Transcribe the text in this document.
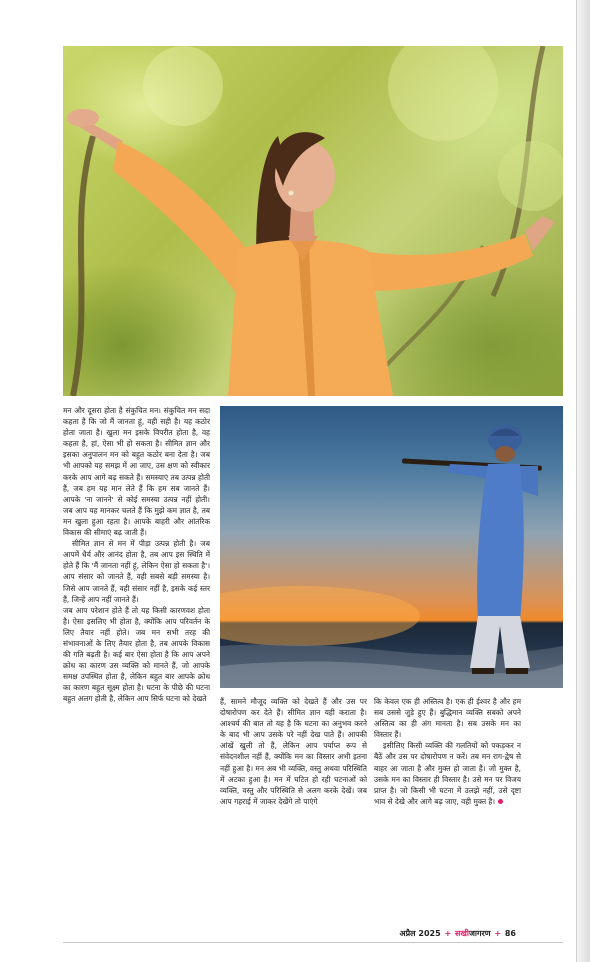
मन और दूसरा होता है संकुचित मन। संकुचित मन सदा कहता है कि जो मैं जानता हूं, वही सही है। यह कठोर होता जाता है। खुला मन इसके विपरीत होता है, वह कहता है, हां, ऐसा भी हो सकता है। सीमित ज्ञान और इसका अनुपालन मन को बहुत कठोर बना देता है। जब भी आपको यह समझ में आ जाए, उस क्षण को स्वीकार करके आप आगे बढ़ सकते हैं। समस्याएं तब उत्पन्न होती हैं, जब हम यह मान लेते हैं कि हम सब जानते हैं। आपके 'ना जानने' से कोई समस्या उत्पन्न नहीं होती। जब आप यह मानकर चलते हैं कि मुझे कम ज्ञात है, तब मन खुला हुआ रहता है। आपके बाहरी और आंतरिक विकास की सीमाएं बढ़ जाती हैं।

सीमित ज्ञान से मन में पीड़ा उत्पन्न होती है। जब आपमें धैर्य और आनंद होता है, तब आप इस स्थिति में होते हैं कि 'मैं जानता नहीं हूं, लेकिन ऐसा हो सकता है'। आप संसार को जानते हैं, वही सबसे बड़ी समस्या है। जिसे आप जानते हैं, वही संसार नहीं है, इसके कई स्तर हैं, जिन्हें आप नहीं जानते हैं।

जब आप परेशान होते हैं तो यह किसी कारणवश होता है। ऐसा इसलिए भी होता है, क्योंकि आप परिवर्तन के लिए तैयार नहीं होते। जब मन सभी तरह की संभावनाओं के लिए तैयार होता है, तब आपके विकास की गति बढ़ती है। कई बार ऐसा होता है कि आप अपने क्रोध का कारण उस व्यक्ति को मानते हैं, जो आपके समक्ष उपस्थित होता है, लेकिन बहुत बार आपके क्रोध का कारण बहुत सूक्ष्म होता है। घटना के पीछे की घटना बहुत अलग होती है, लेकिन आप सिर्फ घटना को देखते	हैं, सामने मौजूद व्यक्ति को देखते हैं और उस पर दोषारोपण कर देते हैं। सीमित ज्ञान यही कराता है। आश्चर्य की बात तो यह है कि घटना का अनुभव करने के बाद भी आप उसके परे नहीं देख पाते हैं। आपकी आंखें खुली तो हैं, लेकिन आप पर्याप्त रूप से संवेदनशील नहीं हैं, क्योंकि मन का विस्तार अभी इतना नहीं हुआ है। मन अब भी व्यक्ति, वस्तु अथवा परिस्थिति में अटका हुआ है। मन में घटित हो रही घटनाओं को व्यक्ति, वस्तु और परिस्थिति से अलग करके देखें। जब आप गहराई में जाकर देखेंगे तो पाएंगे

कि केवल एक ही अस्तित्व है। एक ही ईश्वर है और हम सब उससे जुड़े हुए हैं। बुद्धिमान व्यक्ति सबको अपने अस्तित्व का ही अंग मानता है। सब उसके मन का विस्तार हैं।

इसीलिए किसी व्यक्ति की गलतियों को पकड़कर न बैठें और उस पर दोषारोपण न करें। तब मन राग-द्वेष से बाहर आ जाता है और मुक्त हो जाता है। जो मुक्त है, उसके मन का विस्तार ही विस्तार है। उसे मन पर विजय प्राप्त है। जो किसी भी घटना में उलझे नहीं, उसे दृष्टा भाव से देखे और आगे बढ़ जाए, वही मुक्त है।

अप्रैल 2025 + सखीजागरण + 86
